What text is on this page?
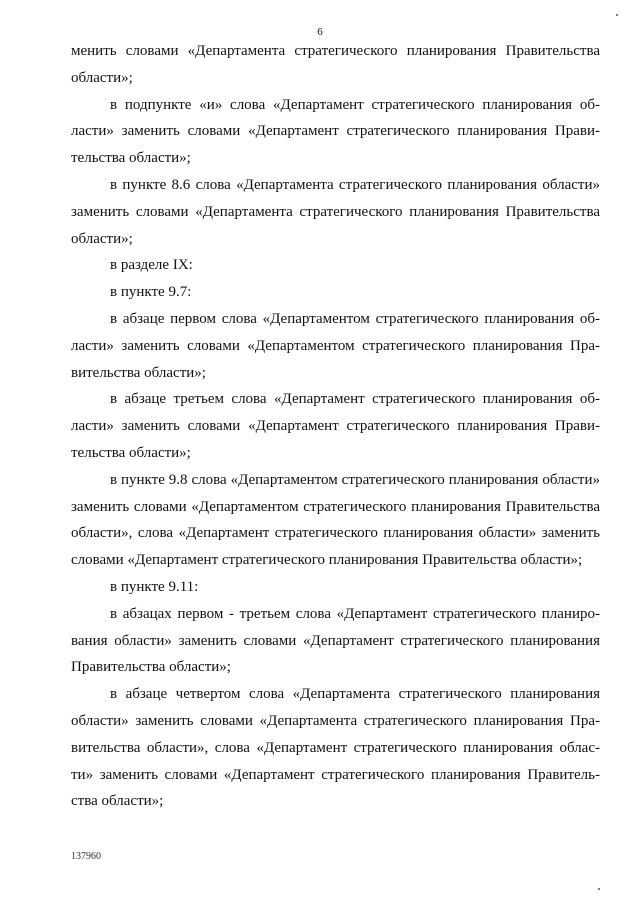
6

менить словами «Департамента стратегического планирования Правительства области»;

в подпункте «и» слова «Департамент стратегического планирования области» заменить словами «Департамент стратегического планирования Правительства области»;

в пункте 8.6 слова «Департамента стратегического планирования области» заменить словами «Департамента стратегического планирования Правительства области»;

в разделе IX:

в пункте 9.7:

в абзаце первом слова «Департаментом стратегического планирования области» заменить словами «Департаментом стратегического планирования Правительства области»;

в абзаце третьем слова «Департамент стратегического планирования области» заменить словами «Департамент стратегического планирования Правительства области»;

в пункте 9.8 слова «Департаментом стратегического планирования области» заменить словами «Департаментом стратегического планирования Правительства области», слова «Департамент стратегического планирования области» заменить словами «Департамент стратегического планирования Правительства области»;

в пункте 9.11:

в абзацах первом - третьем слова «Департамент стратегического планирования области» заменить словами «Департамент стратегического планирования Правительства области»;

в абзаце четвертом слова «Департамента стратегического планирования области» заменить словами «Департамента стратегического планирования Правительства области», слова «Департамент стратегического планирования области» заменить словами «Департамент стратегического планирования Правительства области»;

137960
